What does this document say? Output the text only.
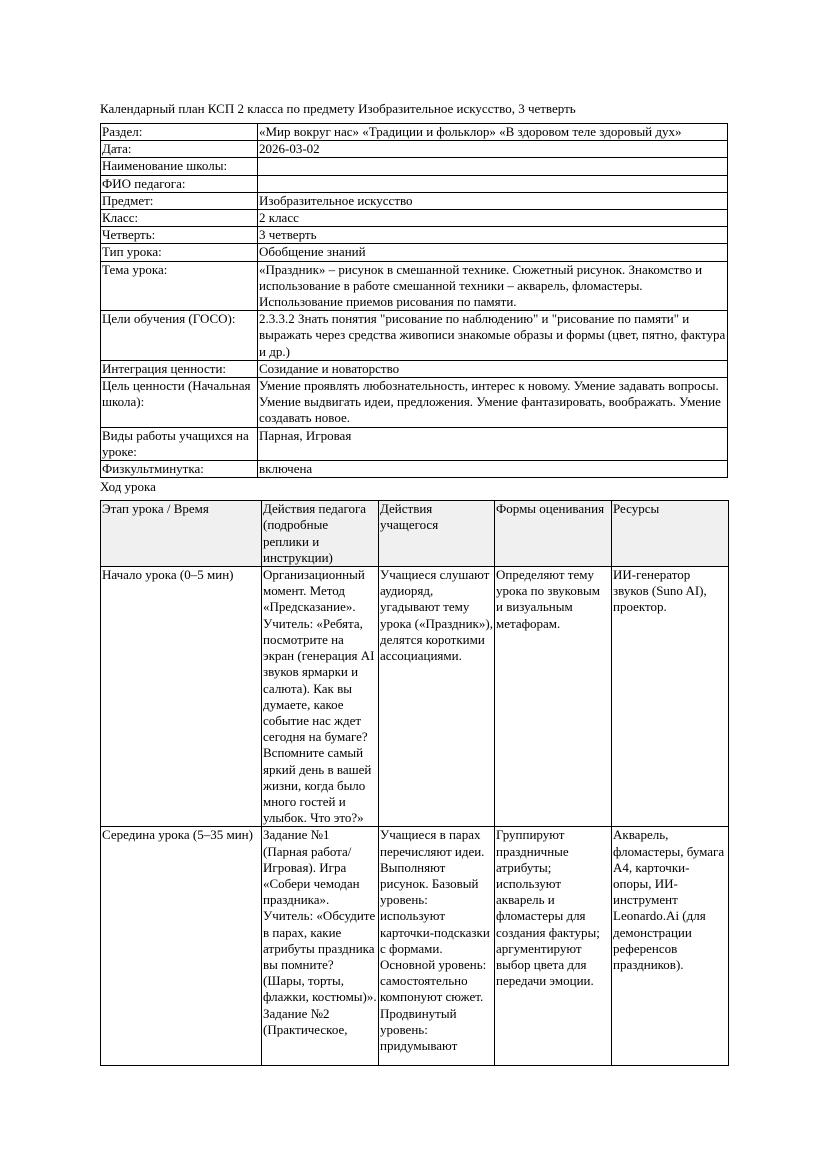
Календарный план КСП 2 класса по предмету Изобразительное искусство, 3 четверть
Раздел:	«Мир вокруг нас» «Традиции и фольклор» «В здоровом теле здоровый дух»
Дата:	2026-03-02
Наименование школы:	
ФИО педагога:	
Предмет:	Изобразительное искусство
Класс:	2 класс
Четверть:	3 четверть
Тип урока:	Обобщение знаний
Тема урока:	«Праздник» – рисунок в смешанной технике. Сюжетный рисунок. Знакомство и использование в работе смешанной техники – акварель, фломастеры. Использование приемов рисования по памяти.
Цели обучения (ГОСО):	2.3.3.2 Знать понятия "рисование по наблюдению" и "рисование по памяти" и выражать через средства живописи знакомые образы и формы (цвет, пятно, фактура и др.)
Интеграция ценности:	Созидание и новаторство
Цель ценности (Начальная школа):	Умение проявлять любознательность, интерес к новому. Умение задавать вопросы. Умение выдвигать идеи, предложения. Умение фантазировать, воображать. Умение создавать новое.
Виды работы учащихся на уроке:	Парная, Игровая
Физкультминутка:	включена
Ход урока
Этап урока / Время	Действия педагога (подробные реплики и инструкции)	Действия учащегося	Формы оценивания	Ресурсы
Начало урока (0–5 мин)	Организационный момент. Метод «Предсказание». Учитель: «Ребята, посмотрите на экран (генерация AI звуков ярмарки и салюта). Как вы думаете, какое событие нас ждет сегодня на бумаге? Вспомните самый яркий день в вашей жизни, когда было много гостей и улыбок. Что это?»	Учащиеся слушают аудиоряд, угадывают тему урока («Праздник»), делятся короткими ассоциациями.	Определяют тему урока по звуковым и визуальным метафорам.	ИИ-генератор звуков (Suno AI), проектор.

Середина урока (5–35 мин)	Задание №1 (Парная работа/Игровая). Игра «Собери чемодан праздника». Учитель: «Обсудите в парах, какие атрибуты праздника вы помните? (Шары, торты, флажки, костюмы)». Задание №2 (Практическое,	Учащиеся в парах перечисляют идеи. Выполняют рисунок. Базовый уровень: используют карточки-подсказки с формами. Основной уровень: самостоятельно компонуют сюжет. Продвинутый уровень: придумывают	Группируют праздничные атрибуты; используют акварель и фломастеры для создания фактуры; аргументируют выбор цвета для передачи эмоции.	Акварель, фломастеры, бумага А4, карточки-опоры, ИИ-инструмент Leonardo.Ai (для демонстрации референсов праздников).
